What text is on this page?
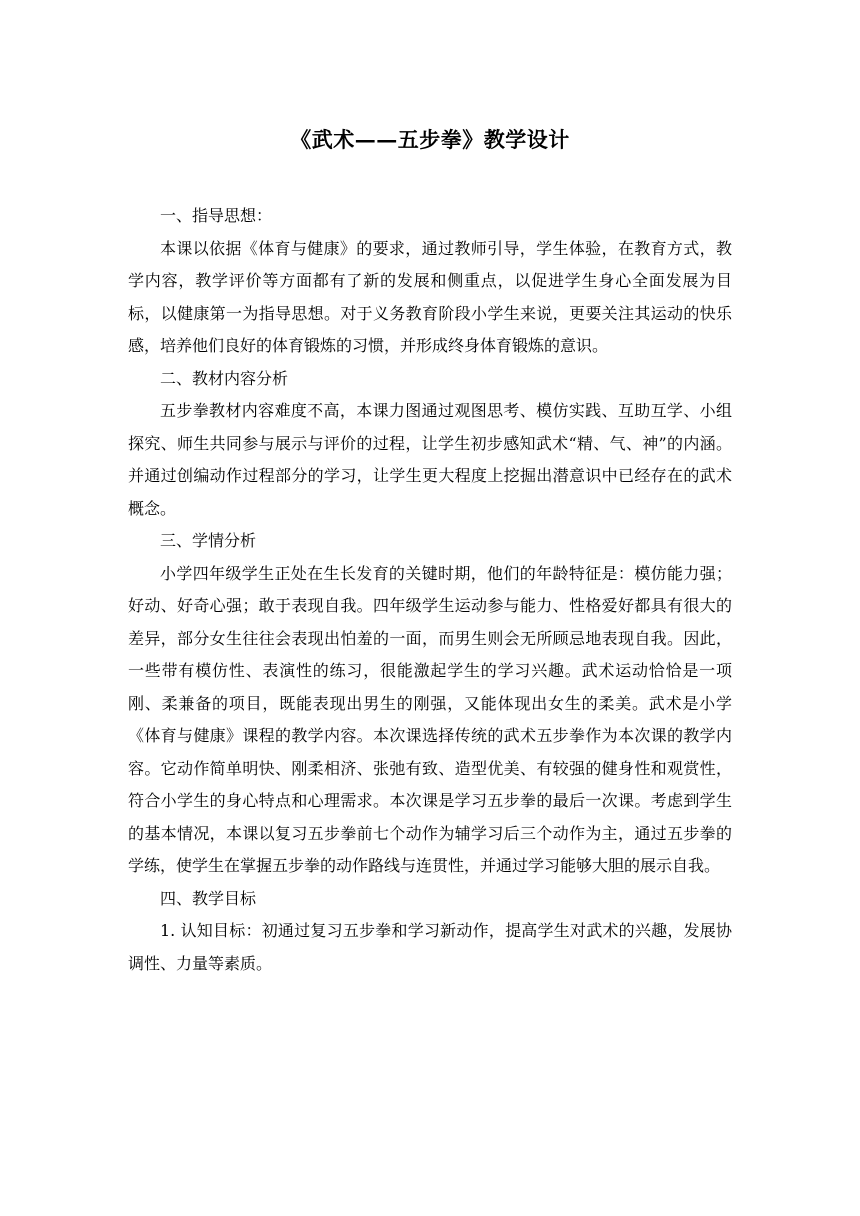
《武术——五步拳》教学设计

一、指导思想：

本课以依据《体育与健康》的要求，通过教师引导，学生体验，在教育方式，教学内容，教学评价等方面都有了新的发展和侧重点，以促进学生身心全面发展为目标，以健康第一为指导思想。对于义务教育阶段小学生来说，更要关注其运动的快乐感，培养他们良好的体育锻炼的习惯，并形成终身体育锻炼的意识。

二、教材内容分析

五步拳教材内容难度不高，本课力图通过观图思考、模仿实践、互助互学、小组探究、师生共同参与展示与评价的过程，让学生初步感知武术“精、气、神”的内涵。并通过创编动作过程部分的学习，让学生更大程度上挖掘出潜意识中已经存在的武术概念。

三、学情分析

小学四年级学生正处在生长发育的关键时期，他们的年龄特征是：模仿能力强；好动、好奇心强；敢于表现自我。四年级学生运动参与能力、性格爱好都具有很大的差异，部分女生往往会表现出怕羞的一面，而男生则会无所顾忌地表现自我。因此，一些带有模仿性、表演性的练习，很能激起学生的学习兴趣。武术运动恰恰是一项刚、柔兼备的项目，既能表现出男生的刚强，又能体现出女生的柔美。武术是小学《体育与健康》课程的教学内容。本次课选择传统的武术五步拳作为本次课的教学内容。它动作简单明快、刚柔相济、张弛有致、造型优美、有较强的健身性和观赏性，符合小学生的身心特点和心理需求。本次课是学习五步拳的最后一次课。考虑到学生的基本情况，本课以复习五步拳前七个动作为辅学习后三个动作为主，通过五步拳的学练，使学生在掌握五步拳的动作路线与连贯性，并通过学习能够大胆的展示自我。

四、教学目标

1. 认知目标：初通过复习五步拳和学习新动作，提高学生对武术的兴趣，发展协调性、力量等素质。
